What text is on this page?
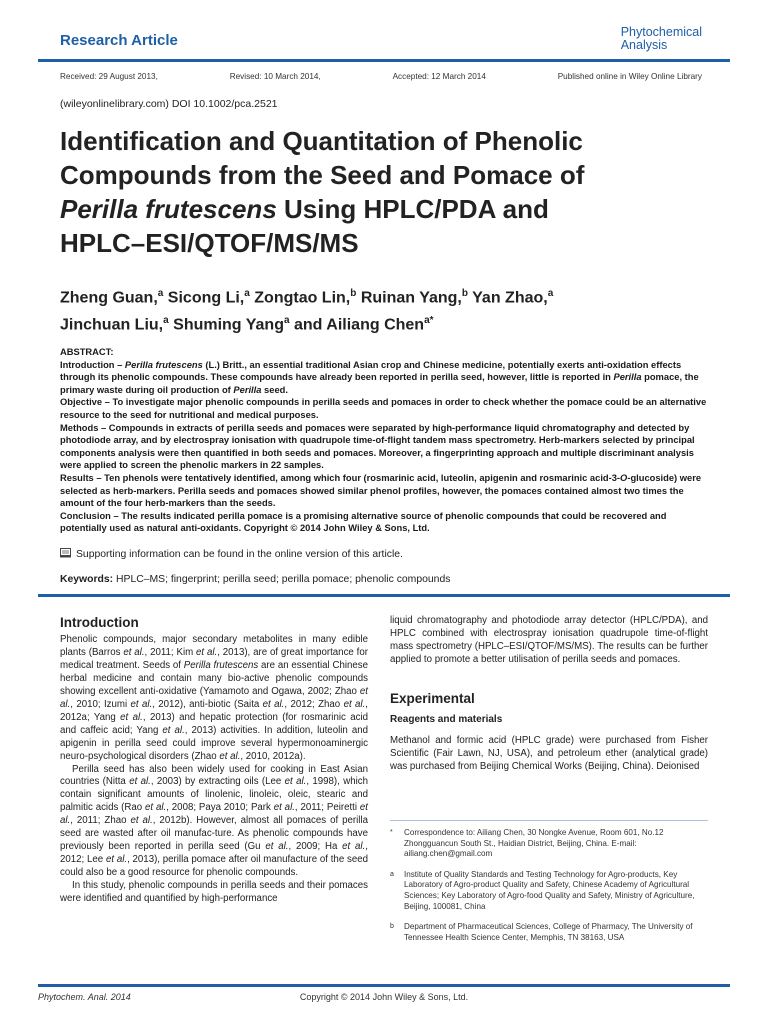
Research Article	Phytochemical
Analysis
Received: 29 August 2013,	Revised: 10 March 2014,	Accepted: 12 March 2014	Published online in Wiley Online Library
(wileyonlinelibrary.com) DOI 10.1002/pca.2521
Identification and Quantitation of Phenolic
Compounds from the Seed and Pomace of
Perilla frutescens Using HPLC/PDA and
HPLC–ESI/QTOF/MS/MS
Zheng Guan,$^a$ Sicong Li,$^a$ Zongtao Lin,$^b$ Ruinan Yang,$^b$ Yan Zhao,$^a$
Jinchuan Liu,$^a$ Shuming Yang$^a$ and Ailiang Chen$^{a*}$

ABSTRACT:

Introduction – Perilla frutescens (L.) Britt., an essential traditional Asian crop and Chinese medicine, potentially exerts anti-oxidation effects through its phenolic compounds. These compounds have already been reported in perilla seed, however, little is reported in Perilla pomace, the primary waste during oil production of Perilla seed.

Objective – To investigate major phenolic compounds in perilla seeds and pomaces in order to check whether the pomace could be an alternative resource to the seed for nutritional and medical purposes.

Methods – Compounds in extracts of perilla seeds and pomaces were separated by high-performance liquid chromatography and detected by photodiode array, and by electrospray ionisation with quadrupole time-of-flight tandem mass spectrometry. Herb-markers selected by principal components analysis were then quantified in both seeds and pomaces. Moreover, a fingerprinting approach and multiple discriminant analysis were applied to screen the phenolic markers in 22 samples.

Results – Ten phenols were tentatively identified, among which four (rosmarinic acid, luteolin, apigenin and rosmarinic acid-3-O-glucoside) were selected as herb-markers. Perilla seeds and pomaces showed similar phenol profiles, however, the pomaces contained almost two times the amount of the four herb-markers than the seeds.

Conclusion – The results indicated perilla pomace is a promising alternative source of phenolic compounds that could be recovered and potentially used as natural anti-oxidants. Copyright © 2014 John Wiley & Sons, Ltd.

Supporting information can be found in the online version of this article.
Keywords: HPLC–MS; fingerprint; perilla seed; perilla pomace; phenolic compounds
Introduction

Phenolic compounds, major secondary metabolites in many edible plants (Barros et al., 2011; Kim et al., 2013), are of great importance for medical treatment. Seeds of Perilla frutescens are an essential Chinese herbal medicine and contain many bio-active phenolic compounds showing excellent anti-oxidative (Yamamoto and Ogawa, 2002; Zhao et al., 2010; Izumi et al., 2012), anti-biotic (Saita et al., 2012; Zhao et al., 2012a; Yang et al., 2013) and hepatic protection (for rosmarinic acid and caffeic acid; Yang et al., 2013) activities. In addition, luteolin and apigenin in perilla seed could improve several hypermonoaminergic neuro-psychological disorders (Zhao et al., 2010, 2012a).

Perilla seed has also been widely used for cooking in East Asian countries (Nitta et al., 2003) by extracting oils (Lee et al., 1998), which contain significant amounts of linolenic, linoleic, oleic, stearic and palmitic acids (Rao et al., 2008; Paya 2010; Park et al., 2011; Peiretti et al., 2011; Zhao et al., 2012b). However, almost all pomaces of perilla seed are wasted after oil manufac-ture. As phenolic compounds have previously been reported in perilla seed (Gu et al., 2009; Ha et al., 2012; Lee et al., 2013), perilla pomace after oil manufacture of the seed could also be a good resource for phenolic compounds.

In this study, phenolic compounds in perilla seeds and their pomaces were identified and quantified by high-performance

liquid chromatography and photodiode array detector (HPLC/PDA), and HPLC combined with electrospray ionisation quadrupole time-of-flight mass spectrometry (HPLC–ESI/QTOF/MS/MS). The results can be further applied to promote a better utilisation of perilla seeds and pomaces.
Experimental
Reagents and materials
Methanol and formic acid (HPLC grade) were purchased from Fisher Scientific (Fair Lawn, NJ, USA), and petroleum ether (analytical grade) was purchased from Beijing Chemical Works (Beijing, China). Deionised
*	Correspondence to: Ailiang Chen, 30 Nongke Avenue, Room 601, No.12 Zhongguancun South St., Haidian District, Beijing, China. E-mail: ailiang.chen@gmail.com
a	Institute of Quality Standards and Testing Technology for Agro-products, Key Laboratory of Agro-product Quality and Safety, Chinese Academy of Agricultural Sciences; Key Laboratory of Agro-food Quality and Safety, Ministry of Agriculture, Beijing, 100081, China
b	Department of Pharmaceutical Sciences, College of Pharmacy, The University of Tennessee Health Science Center, Memphis, TN 38163, USA
Phytochem. Anal. 2014	Copyright © 2014 John Wiley & Sons, Ltd.
